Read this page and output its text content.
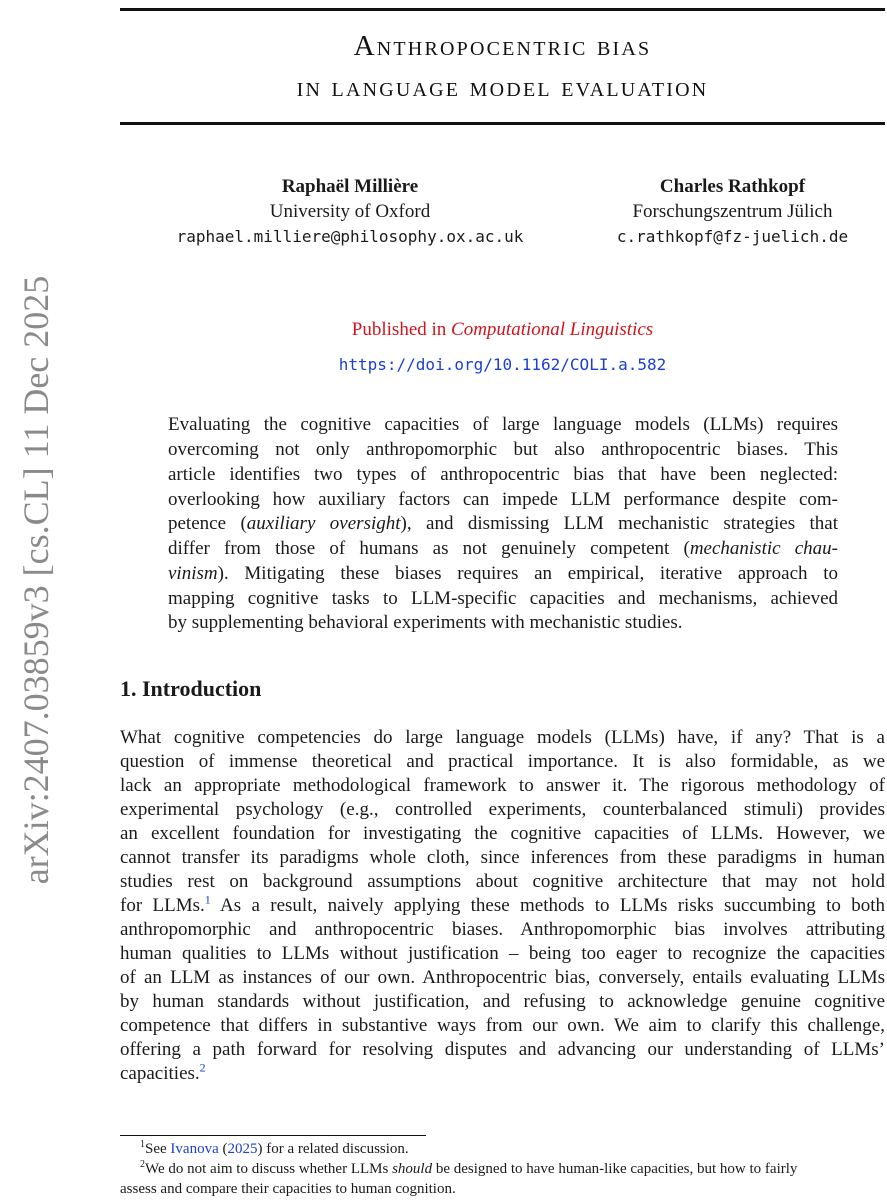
arXiv:2407.03859v3 [cs.CL] 11 Dec 2025
Anthropocentric bias
in language model evaluation
Raphaël Millière
University of Oxford
raphael.milliere@philosophy.ox.ac.uk
Charles Rathkopf
Forschungszentrum Jülich
c.rathkopf@fz-juelich.de
Published in Computational Linguistics
https://doi.org/10.1162/COLI.a.582
Evaluating the cognitive capacities of large language models (LLMs) requires
overcoming not only anthropomorphic but also anthropocentric biases. This
article identifies two types of anthropocentric bias that have been neglected:
overlooking how auxiliary factors can impede LLM performance despite com-
petence (auxiliary oversight), and dismissing LLM mechanistic strategies that
differ from those of humans as not genuinely competent (mechanistic chau-
vinism). Mitigating these biases requires an empirical, iterative approach to
mapping cognitive tasks to LLM-specific capacities and mechanisms, achieved
by supplementing behavioral experiments with mechanistic studies.
1. Introduction
What cognitive competencies do large language models (LLMs) have, if any? That is a
question of immense theoretical and practical importance. It is also formidable, as we
lack an appropriate methodological framework to answer it. The rigorous methodology of
experimental psychology (e.g., controlled experiments, counterbalanced stimuli) provides
an excellent foundation for investigating the cognitive capacities of LLMs. However, we
cannot transfer its paradigms whole cloth, since inferences from these paradigms in human
studies rest on background assumptions about cognitive architecture that may not hold
for LLMs.$^1$ As a result, naively applying these methods to LLMs risks succumbing to both
anthropomorphic and anthropocentric biases. Anthropomorphic bias involves attributing
human qualities to LLMs without justification – being too eager to recognize the capacities
of an LLM as instances of our own. Anthropocentric bias, conversely, entails evaluating LLMs
by human standards without justification, and refusing to acknowledge genuine cognitive
competence that differs in substantive ways from our own. We aim to clarify this challenge,
offering a path forward for resolving disputes and advancing our understanding of LLMs’
capacities.$^2$
$^1$See Ivanova (2025) for a related discussion.
$^2$We do not aim to discuss whether LLMs should be designed to have human-like capacities, but how to fairly
assess and compare their capacities to human cognition.
